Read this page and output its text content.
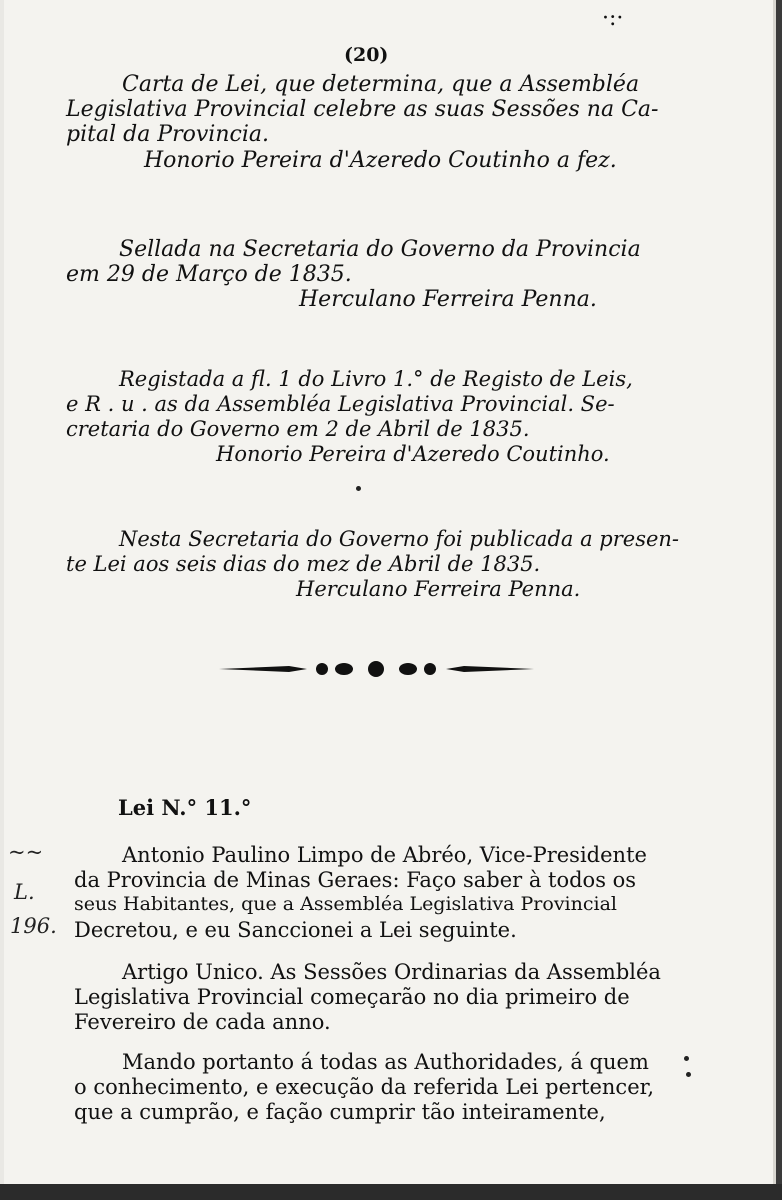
·:·
(20)
Carta de Lei, que determina, que a Assembléa
Legislativa Provincial celebre as suas Sessões na Ca-
pital da Provincia.
Honorio Pereira d'Azeredo Coutinho a fez.
Sellada na Secretaria do Governo da Provincia
em 29 de Março de 1835.
Herculano Ferreira Penna.
Registada a fl. 1 do Livro 1.° de Registo de Leis,
e R . u . as da Assembléa Legislativa Provincial. Se-
cretaria do Governo em 2 de Abril de 1835.
Honorio Pereira d'Azeredo Coutinho.
Nesta Secretaria do Governo foi publicada a presen-
te Lei aos seis dias do mez de Abril de 1835.
Herculano Ferreira Penna.
Lei N.° 11.°
Antonio Paulino Limpo de Abréo, Vice-Presidente
da Provincia de Minas Geraes: Faço saber à todos os
seus Habitantes, que a Assembléa Legislativa Provincial
Decretou, e eu Sanccionei a Lei seguinte.
Artigo Unico. As Sessões Ordinarias da Assembléa
Legislativa Provincial começarão no dia primeiro de
Fevereiro de cada anno.
Mando portanto á todas as Authoridades, á quem
o conhecimento, e execução da referida Lei pertencer,
que a cumprão, e fação cumprir tão inteiramente,
~~
L.
196.
